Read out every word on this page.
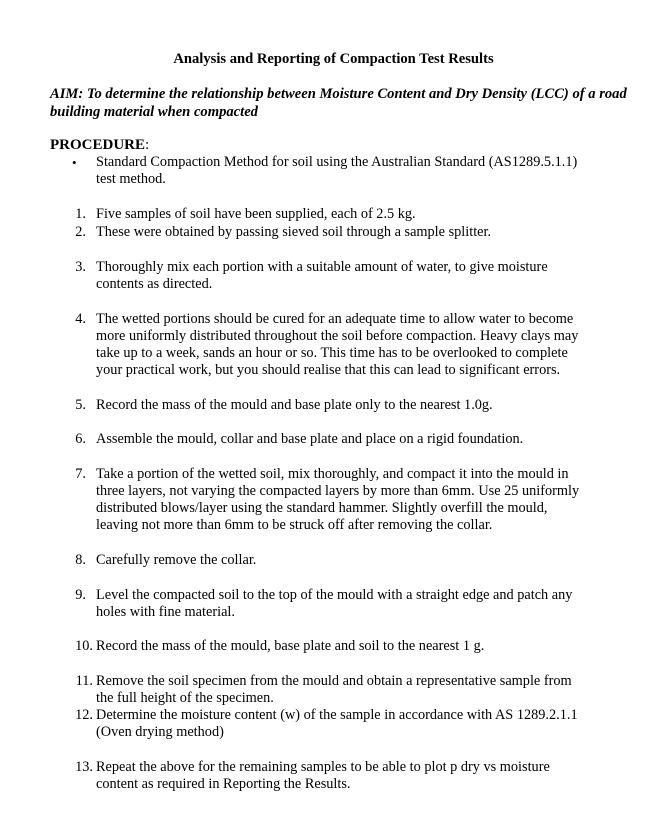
Analysis and Reporting of Compaction Test Results
AIM: To determine the relationship between Moisture Content and Dry Density (LCC) of a road building material when compacted
PROCEDURE:
• Standard Compaction Method for soil using the Australian Standard (AS1289.5.1.1)
test method.
1. Five samples of soil have been supplied, each of 2.5 kg.
2. These were obtained by passing sieved soil through a sample splitter.
3. Thoroughly mix each portion with a suitable amount of water, to give moisture
contents as directed.
4. The wetted portions should be cured for an adequate time to allow water to become
more uniformly distributed throughout the soil before compaction. Heavy clays may
take up to a week, sands an hour or so. This time has to be overlooked to complete
your practical work, but you should realise that this can lead to significant errors.
5. Record the mass of the mould and base plate only to the nearest 1.0g.
6. Assemble the mould, collar and base plate and place on a rigid foundation.
7. Take a portion of the wetted soil, mix thoroughly, and compact it into the mould in
three layers, not varying the compacted layers by more than 6mm. Use 25 uniformly
distributed blows/layer using the standard hammer. Slightly overfill the mould,
leaving not more than 6mm to be struck off after removing the collar.
8. Carefully remove the collar.
9. Level the compacted soil to the top of the mould with a straight edge and patch any
holes with fine material.
10. Record the mass of the mould, base plate and soil to the nearest 1 g.
11. Remove the soil specimen from the mould and obtain a representative sample from
the full height of the specimen.
12. Determine the moisture content (w) of the sample in accordance with AS 1289.2.1.1
(Oven drying method)
13. Repeat the above for the remaining samples to be able to plot p dry vs moisture
content as required in Reporting the Results.
